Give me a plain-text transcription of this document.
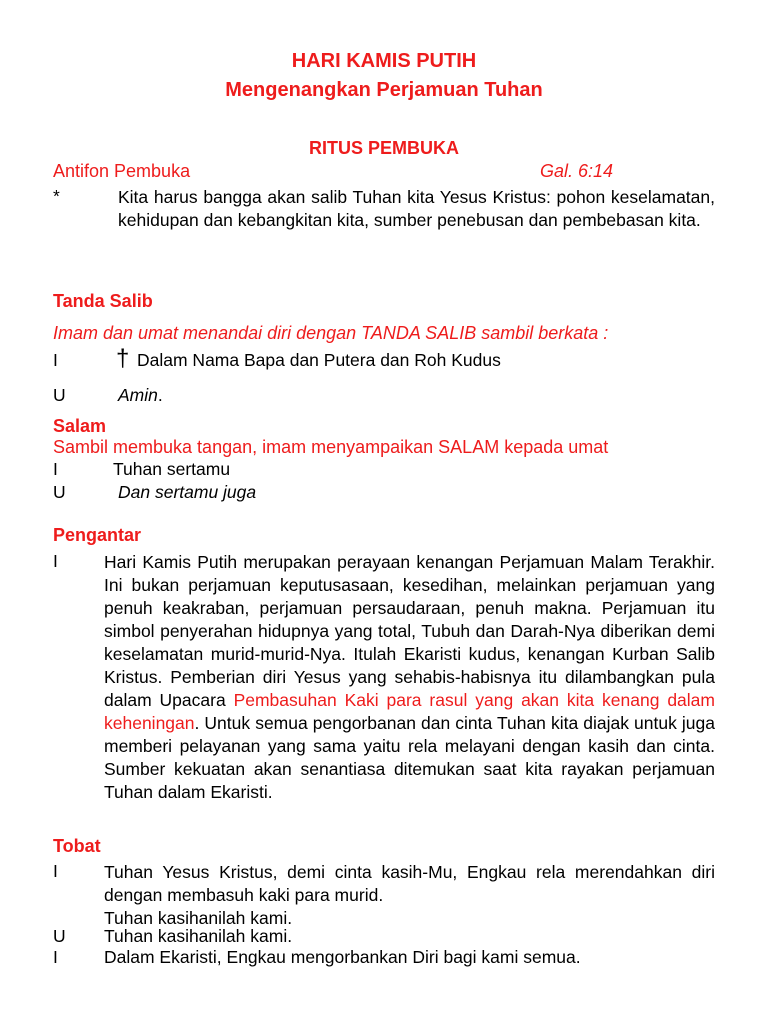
HARI KAMIS PUTIH
Mengenangkan Perjamuan Tuhan
RITUS PEMBUKA
Antifon Pembuka	Gal. 6:14
*	Kita harus bangga akan salib Tuhan kita Yesus Kristus: pohon keselamatan, kehidupan dan kebangkitan kita, sumber penebusan dan pembebasan kita.

Tanda Salib
Imam dan umat menandai diri dengan TANDA SALIB sambil berkata :
I † Dalam Nama Bapa dan Putera dan Roh Kudus
U	Amin.
Salam
Sambil membuka tangan, imam menyampaikan SALAM kepada umat
I	Tuhan sertamu
U	Dan sertamu juga
Pengantar
I	Hari Kamis Putih merupakan perayaan kenangan Perjamuan Malam Terakhir. Ini bukan perjamuan keputusasaan, kesedihan, melainkan perjamuan yang penuh keakraban, perjamuan persaudaraan, penuh makna. Perjamuan itu simbol penyerahan hidupnya yang total, Tubuh dan Darah-Nya diberikan demi keselamatan murid-murid-Nya. Itulah Ekaristi kudus, kenangan Kurban Salib Kristus. Pemberian diri Yesus yang sehabis-habisnya itu dilambangkan pula dalam Upacara Pembasuhan Kaki para rasul yang akan kita kenang dalam keheningan. Untuk semua pengorbanan dan cinta Tuhan kita diajak untuk juga memberi pelayanan yang sama yaitu rela melayani dengan kasih dan cinta. Sumber kekuatan akan senantiasa ditemukan saat kita rayakan perjamuan Tuhan dalam Ekaristi.

Tobat
I	Tuhan Yesus Kristus, demi cinta kasih-Mu, Engkau rela merendahkan diri dengan membasuh kaki para murid.

Tuhan kasihanilah kami.

U Tuhan kasihanilah kami.
I	Dalam Ekaristi, Engkau mengorbankan Diri bagi kami semua.
